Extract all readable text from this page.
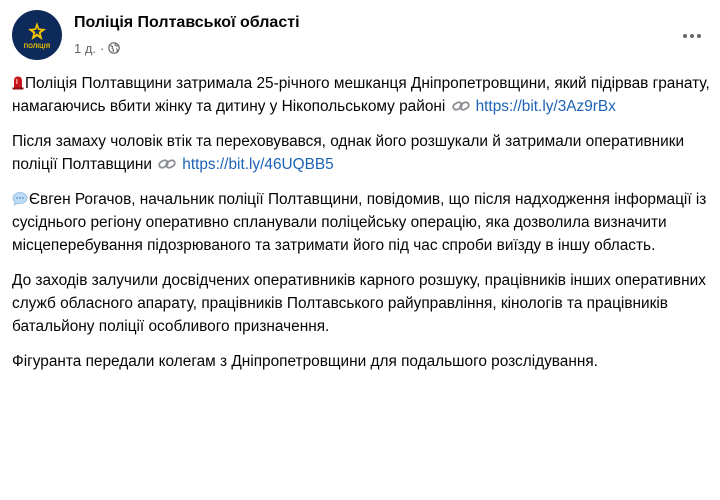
ПОЛІЦІЯ
Поліція Полтавської області
1 д. ·

Поліція Полтавщини затримала 25-річного мешканця Дніпропетровщини, який підірвав гранату, намагаючись вбити жінку та дитину у Нікопольському районі https://bit.ly/3Az9rBx

Після замаху чоловік втік та переховувався, однак його розшукали й затримали оперативники поліції Полтавщини https://bit.ly/46UQBB5

Євген Рогачов, начальник поліції Полтавщини, повідомив, що після надходження інформації із сусіднього регіону оперативно спланували поліцейську операцію, яка дозволила визначити місцеперебування підозрюваного та затримати його під час спроби виїзду в іншу область.

До заходів залучили досвідчених оперативників карного розшуку, працівників інших оперативних служб обласного апарату, працівників Полтавського райуправління, кінологів та працівників батальйону поліції особливого призначення.

Фігуранта передали колегам з Дніпропетровщини для подальшого розслідування.
